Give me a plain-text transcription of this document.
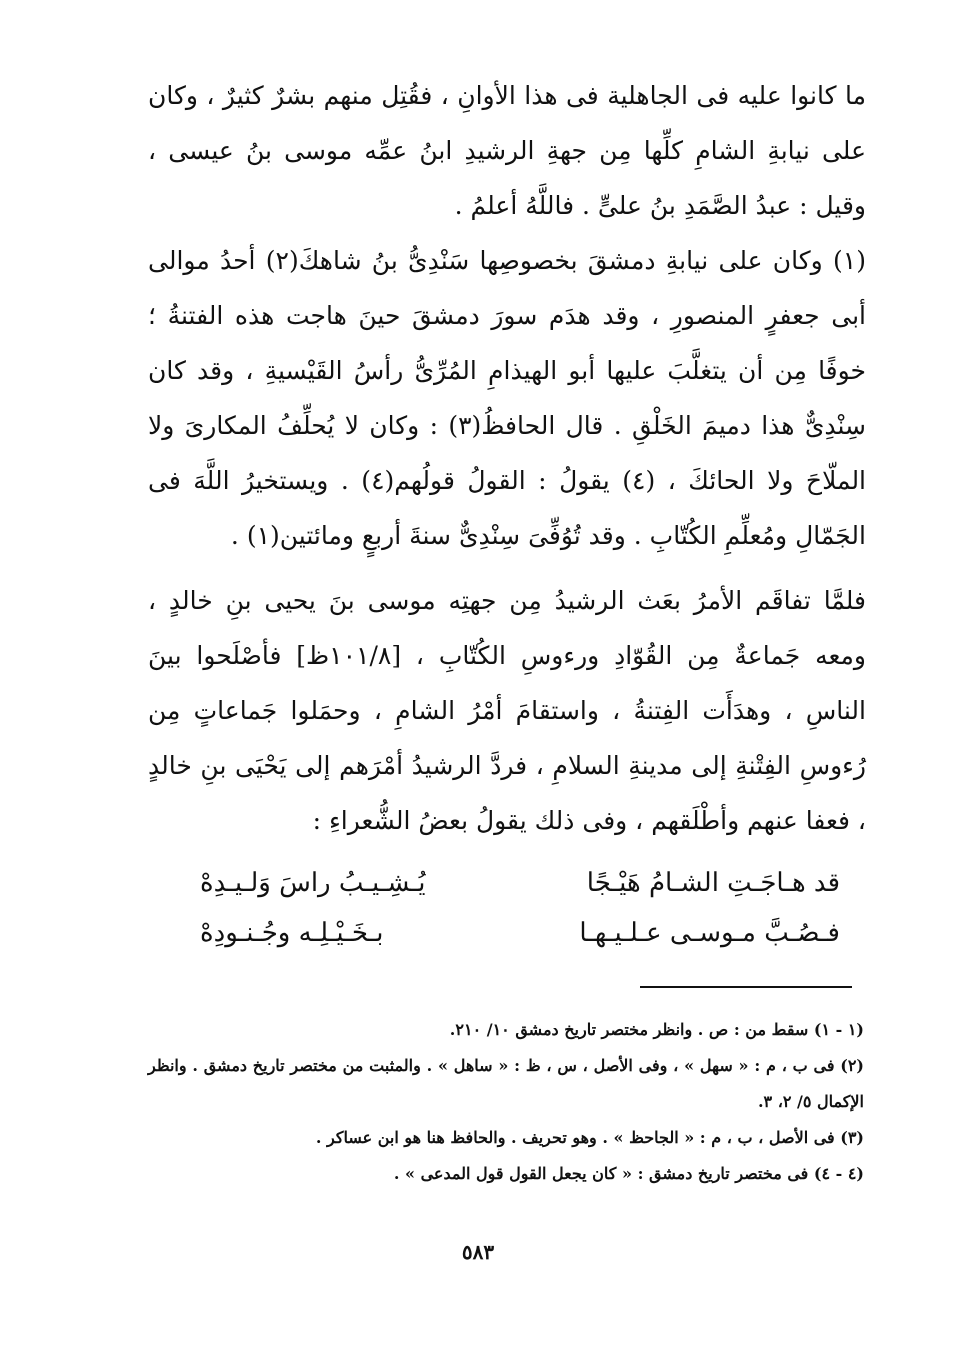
ما كانوا عليه فى الجاهلية فى هذا الأوانِ ، فقُتِل منهم بشرٌ كثيرٌ ، وكان على نيابةِ الشامِ كلِّها مِن جهةِ الرشيدِ ابنُ عمِّه موسى بنُ عيسى ، وقيل : عبدُ الصَّمَدِ بنُ علىٍّ . فاللَّهُ أعلمُ .

(١) وكان على نيابةِ دمشقَ بخصوصِها سَنْدِىُّ بنُ شاهكَ(٢) أحدُ موالى أبى جعفرٍ المنصورِ ، وقد هدَم سورَ دمشقَ حينَ هاجت هذه الفتنةُ ؛ خوفًا مِن أن يتغلَّبَ عليها أبو الهيذامِ المُرِّىُّ رأسُ القَيْسيةِ ، وقد كان سِنْدِىٌّ هذا دميمَ الخَلْقِ . قال الحافظُ(٣) : وكان لا يُحلِّفُ المكارىَ ولا الملّاحَ ولا الحائكَ ، (٤) يقولُ : القولُ قولُهم(٤) . ويستخيرُ اللَّهَ فى الجَمّالِ ومُعلِّمِ الكُتّابِ . وقد تُوُفِّىَ سِنْدِىٌّ سنةَ أربعٍ ومائتين(١) .

فلمَّا تفاقَم الأمرُ بعَث الرشيدُ مِن جهتِه موسى بنَ يحيى بنِ خالدٍ ، ومعه جَماعةٌ مِن القُوّادِ ورءوسِ الكُتّابِ ، [١٠١/٨ظ] فأصْلَحوا بينَ الناسِ ، وهدَأَت الفِتنةُ ، واستقامَ أمْرُ الشامِ ، وحمَلوا جَماعاتٍ مِن رُءوسِ الفِتْنةِ إلى مدينةِ السلامِ ، فردَّ الرشيدُ أمْرَهم إلى يَحْيَى بنِ خالدٍ ، فعفا عنهم وأطْلَقهم ، وفى ذلك يقولُ بعضُ الشُّعراءِ :

قد هـاجَـتِ الشـامُ هَيْـجًا
يُـشِـيـبُ راسَ وَلـيـدِهْ
فـصُـبَّ مـوسـى عـلـيـهـا
بـخَـيْـلِـه وجُـنـودِهْ

(١ - ١) سقط من : ص . وانظر مختصر تاريخ دمشق ١٠/ ٢١٠.

(٢) فى ب ، م : « سهل » ، وفى الأصل ، س ، ظ : « ساهل » . والمثبت من مختصر تاريخ دمشق . وانظر الإكمال ٥/ ٢، ٣.

(٣) فى الأصل ، ب ، م : « الجاحظ » . وهو تحريف . والحافظ هنا هو ابن عساكر .

(٤ - ٤) فى مختصر تاريخ دمشق : « كان يجعل القول قول المدعى » .

٥٨٣
